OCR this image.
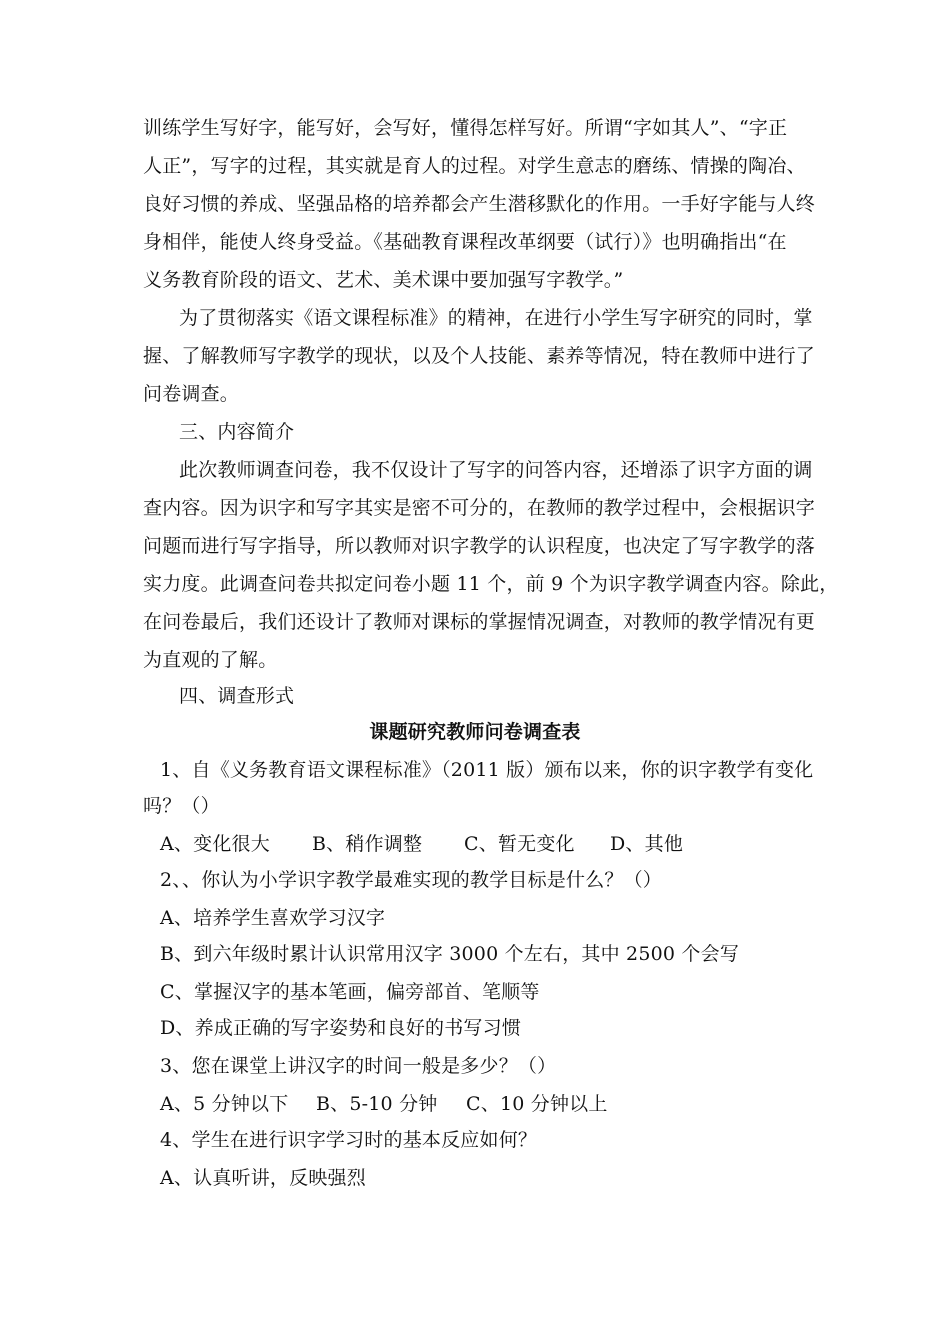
训练学生写好字，能写好，会写好，懂得怎样写好。所谓“字如其人”、“字正
人正”，写字的过程，其实就是育人的过程。对学生意志的磨练、情操的陶冶、
良好习惯的养成、坚强品格的培养都会产生潜移默化的作用。一手好字能与人终
身相伴，能使人终身受益。《基础教育课程改革纲要（试行）》也明确指出“在
义务教育阶段的语文、艺术、美术课中要加强写字教学。”
为了贯彻落实《语文课程标准》的精神，在进行小学生写字研究的同时，掌
握、了解教师写字教学的现状，以及个人技能、素养等情况，特在教师中进行了
问卷调查。
三、内容简介
此次教师调查问卷，我不仅设计了写字的问答内容，还增添了识字方面的调
查内容。因为识字和写字其实是密不可分的，在教师的教学过程中，会根据识字
问题而进行写字指导，所以教师对识字教学的认识程度，也决定了写字教学的落
实力度。此调查问卷共拟定问卷小题 11 个，前 9 个为识字教学调查内容。除此，
在问卷最后，我们还设计了教师对课标的掌握情况调查，对教师的教学情况有更
为直观的了解。
四、调查形式
课题研究教师问卷调查表
1、自《义务教育语文课程标准》（2011 版）颁布以来，你的识字教学有变化
吗？（）
A、变化很大 B、稍作调整 C、暂无变化 D、其他
2、、你认为小学识字教学最难实现的教学目标是什么？（）
A、培养学生喜欢学习汉字
B、到六年级时累计认识常用汉字 3000 个左右，其中 2500 个会写
C、掌握汉字的基本笔画，偏旁部首、笔顺等
D、养成正确的写字姿势和良好的书写习惯
3、您在课堂上讲汉字的时间一般是多少？（）
A、5 分钟以下 B、5-10 分钟 C、10 分钟以上
4、学生在进行识字学习时的基本反应如何？
A、认真听讲，反映强烈
